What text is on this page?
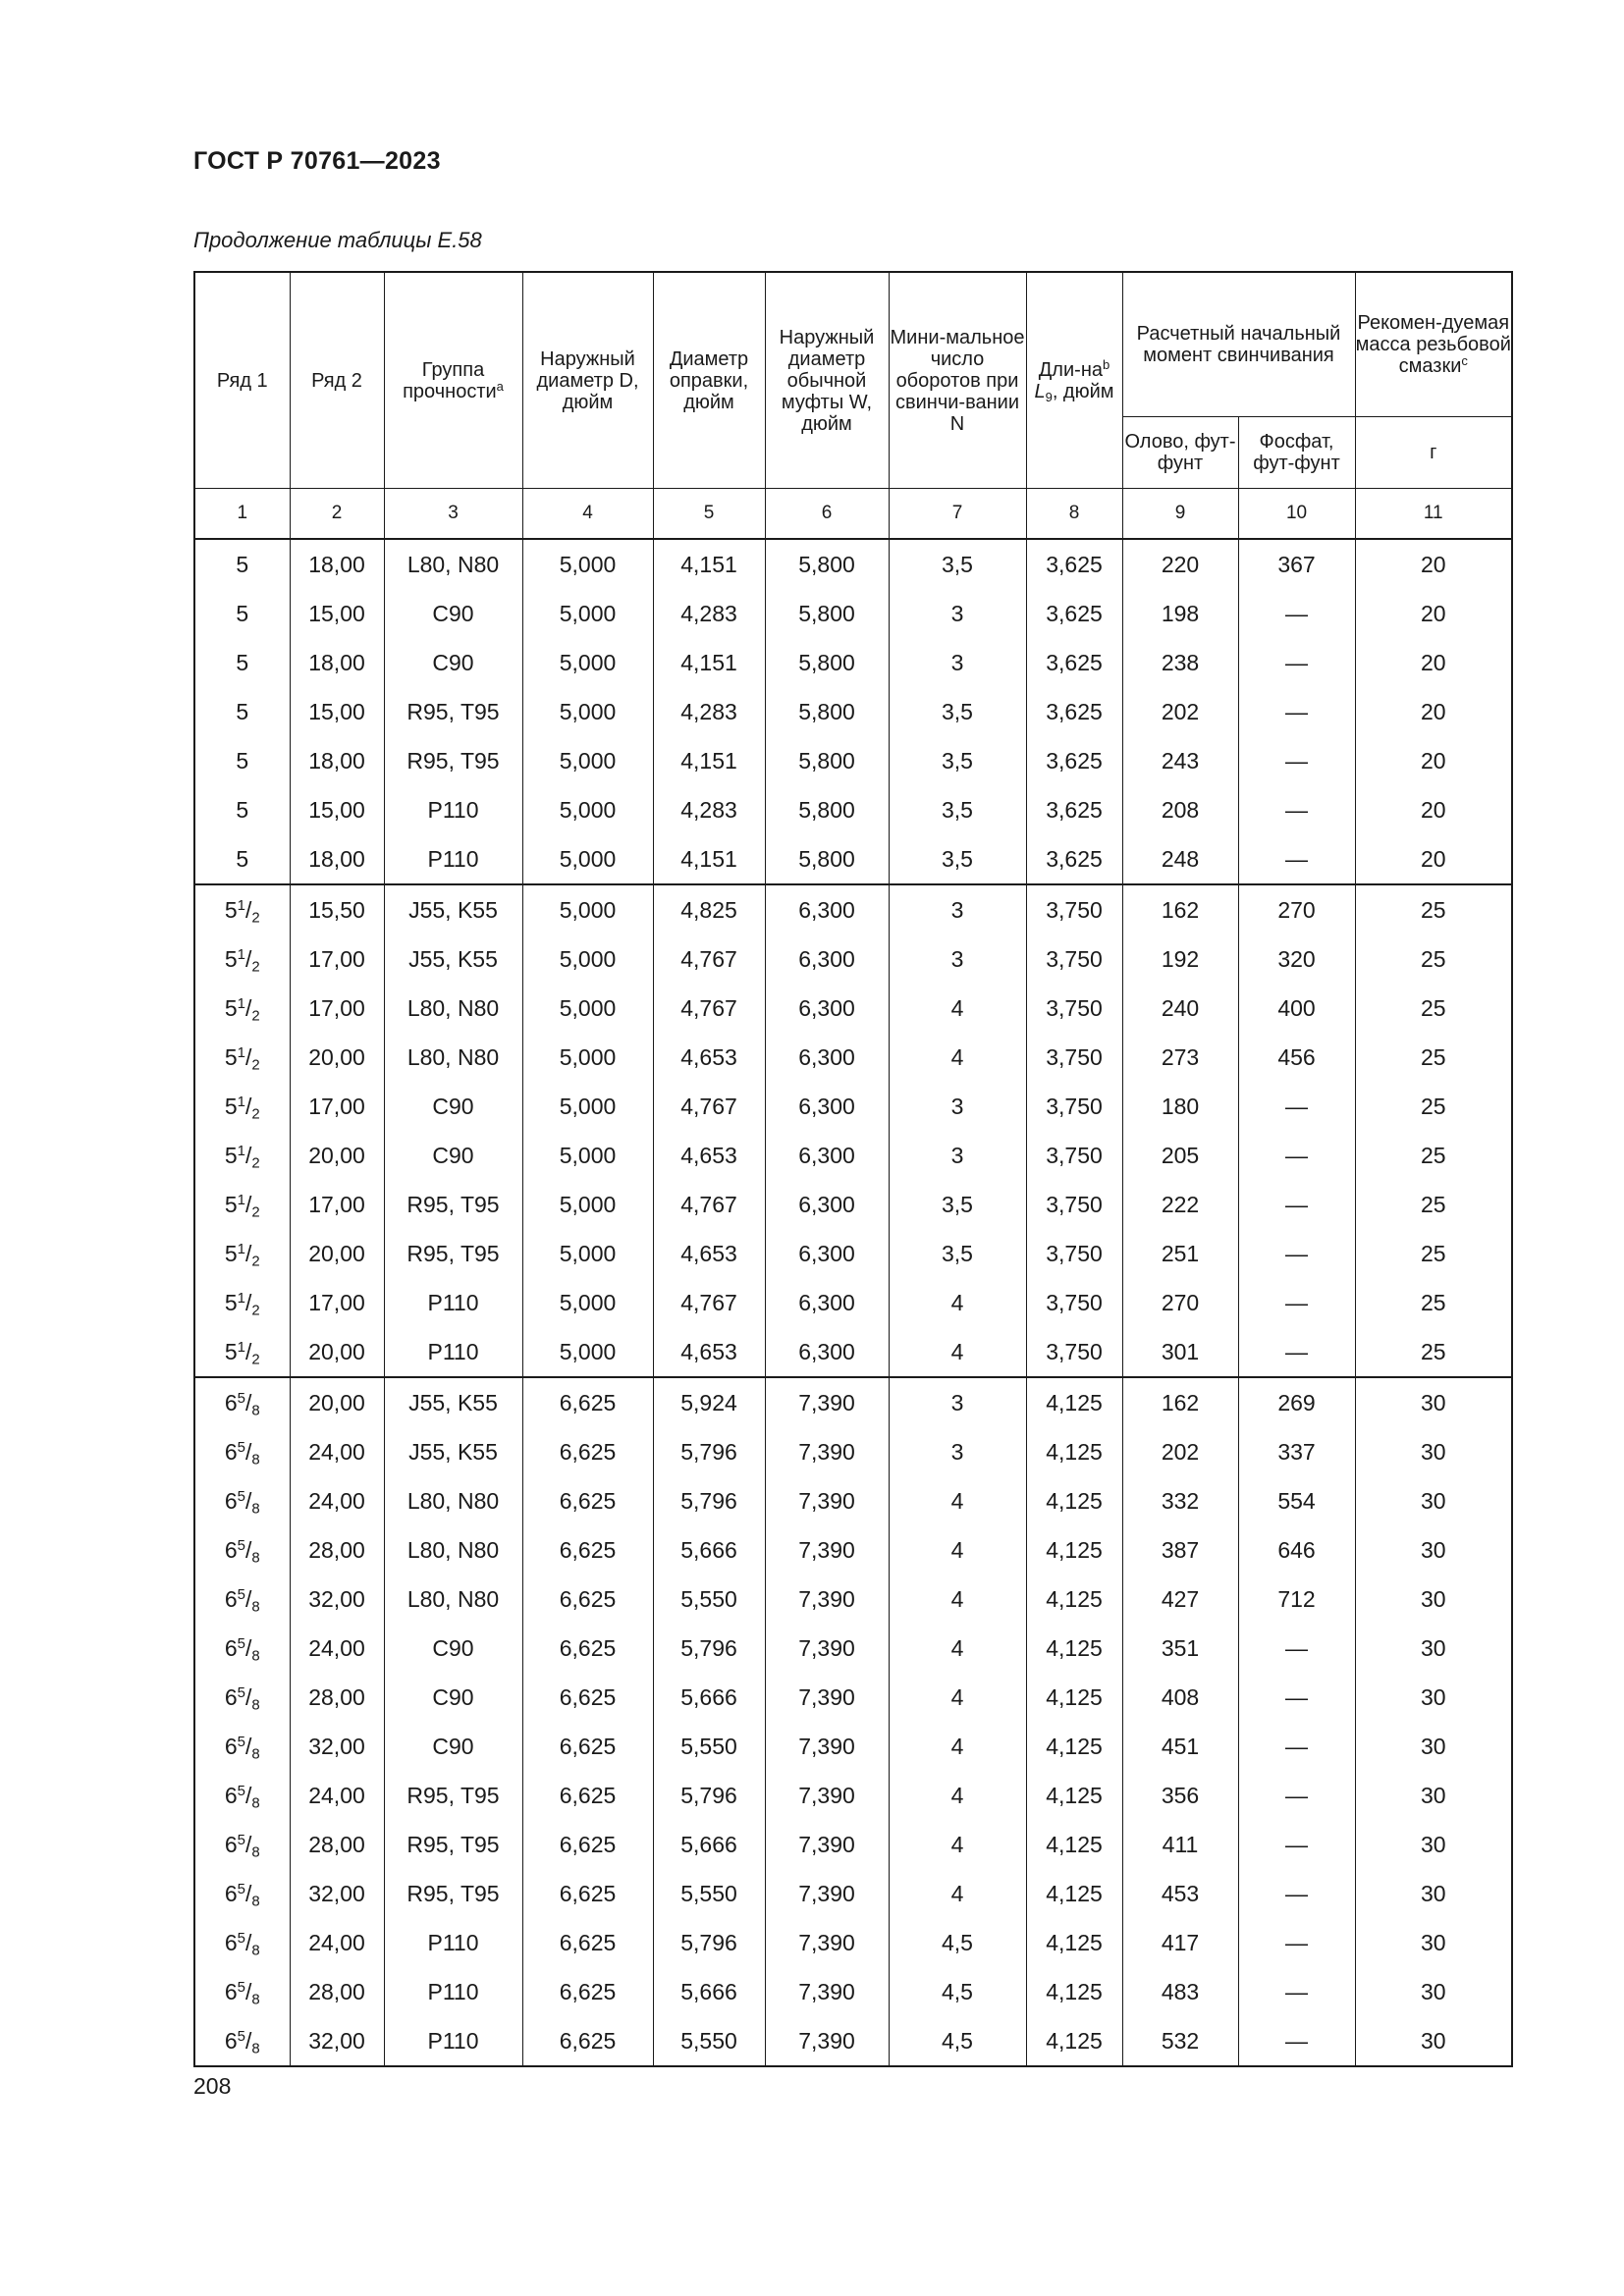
ГОСТ Р 70761—2023
Продолжение таблицы Е.58
Ряд 1	Ряд 2	Группа прочности$^a$	Наружный диаметр D, дюйм	Диаметр оправки, дюйм	Наружный диаметр обычной муфты W, дюйм	Мини-мальное число оборотов при свинчи-вании N	Дли-$на^b$ $L_9$, дюйм	Расчетный начальный момент свинчивания		Рекомен-дуемая масса резьбовой смазки$^c$
								Олово, фут-фунт	Фосфат, фут-фунт	г
1	2	3	4	5	6	7	8	9	10	11
5	18,00	L80, N80	5,000	4,151	5,800	3,5	3,625	220	367	20
5	15,00	C90	5,000	4,283	5,800	3	3,625	198	—	20
5	18,00	C90	5,000	4,151	5,800	3	3,625	238	—	20
5	15,00	R95, T95	5,000	4,283	5,800	3,5	3,625	202	—	20
5	18,00	R95, T95	5,000	4,151	5,800	3,5	3,625	243	—	20
5	15,00	P110	5,000	4,283	5,800	3,5	3,625	208	—	20
5	18,00	P110	5,000	4,151	5,800	3,5	3,625	248	—	20
$5^1/_2$	15,50	J55, K55	5,000	4,825	6,300	3	3,750	162	270	25
$5^1/_2$	17,00	J55, K55	5,000	4,767	6,300	3	3,750	192	320	25
$5^1/_2$	17,00	L80, N80	5,000	4,767	6,300	4	3,750	240	400	25
$5^1/_2$	20,00	L80, N80	5,000	4,653	6,300	4	3,750	273	456	25
$5^1/_2$	17,00	C90	5,000	4,767	6,300	3	3,750	180	—	25
$5^1/_2$	20,00	C90	5,000	4,653	6,300	3	3,750	205	—	25
$5^1/_2$	17,00	R95, T95	5,000	4,767	6,300	3,5	3,750	222	—	25
$5^1/_2$	20,00	R95, T95	5,000	4,653	6,300	3,5	3,750	251	—	25
$5^1/_2$	17,00	P110	5,000	4,767	6,300	4	3,750	270	—	25
$5^1/_2$	20,00	P110	5,000	4,653	6,300	4	3,750	301	—	25
$6^5/_8$	20,00	J55, K55	6,625	5,924	7,390	3	4,125	162	269	30
$6^5/_8$	24,00	J55, K55	6,625	5,796	7,390	3	4,125	202	337	30
$6^5/_8$	24,00	L80, N80	6,625	5,796	7,390	4	4,125	332	554	30
$6^5/_8$	28,00	L80, N80	6,625	5,666	7,390	4	4,125	387	646	30
$6^5/_8$	32,00	L80, N80	6,625	5,550	7,390	4	4,125	427	712	30
$6^5/_8$	24,00	C90	6,625	5,796	7,390	4	4,125	351	—	30
$6^5/_8$	28,00	C90	6,625	5,666	7,390	4	4,125	408	—	30
$6^5/_8$	32,00	C90	6,625	5,550	7,390	4	4,125	451	—	30
$6^5/_8$	24,00	R95, T95	6,625	5,796	7,390	4	4,125	356	—	30
$6^5/_8$	28,00	R95, T95	6,625	5,666	7,390	4	4,125	411	—	30
$6^5/_8$	32,00	R95, T95	6,625	5,550	7,390	4	4,125	453	—	30
$6^5/_8$	24,00	P110	6,625	5,796	7,390	4,5	4,125	417	—	30
$6^5/_8$	28,00	P110	6,625	5,666	7,390	4,5	4,125	483	—	30
$6^5/_8$	32,00	P110	6,625	5,550	7,390	4,5	4,125	532	—	30
208
